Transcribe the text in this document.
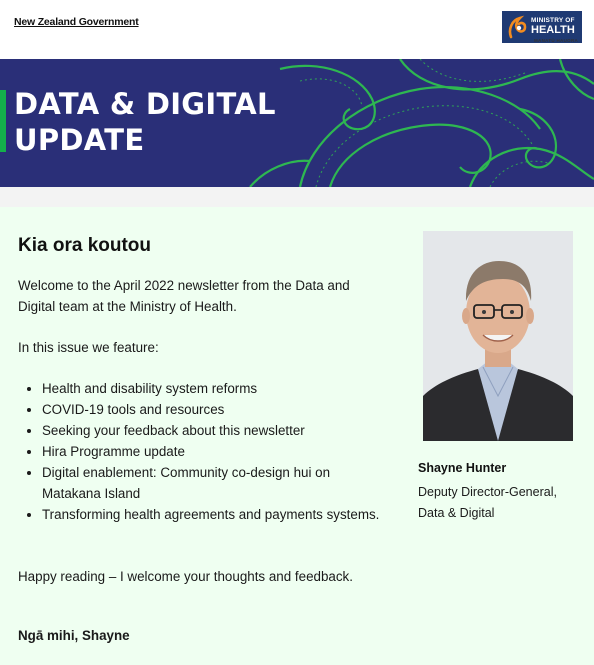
New Zealand Government	MINISTRY OF
HEALTH
MANATŪ HAUORA
DATA & DIGITAL
UPDATE
Kia ora koutou

Welcome to the April 2022 newsletter from the Data and Digital team at the Ministry of Health.

In this issue we feature:

• Health and disability system reforms
• COVID-19 tools and resources
• Seeking your feedback about this newsletter
• Hira Programme update
• Digital enablement: Community co-design hui on Matakana Island
• Transforming health agreements and payments systems.

Happy reading – I welcome your thoughts and feedback.

Ngā mihi, Shayne

Shayne Hunter
Deputy Director-General, Data & Digital
